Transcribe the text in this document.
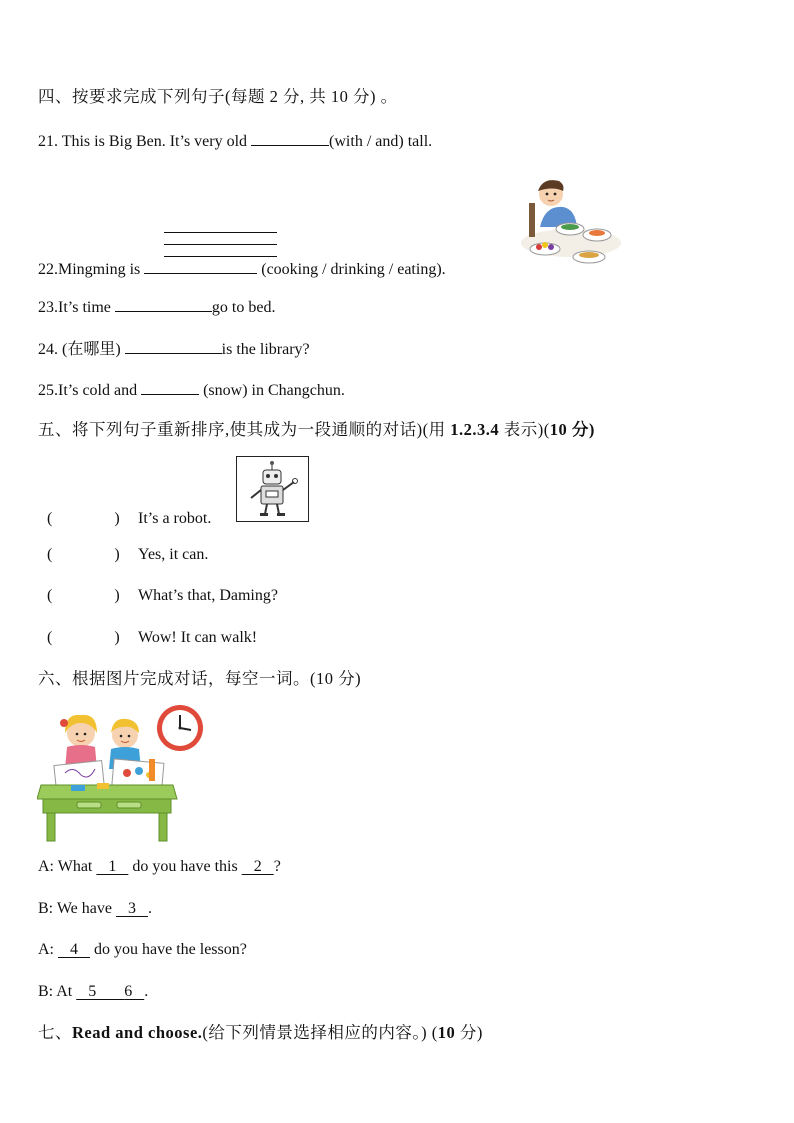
四、按要求完成下列句子(每题 2 分, 共 10 分) 。
21. This is Big Ben. It’s very old	(with / and) tall.
22.Mingming is	(cooking / drinking / eating).
23.It’s time	go to bed.
24. (在哪里)	is the library?
25.It’s cold and	(snow) in Changchun.
五、将下列句子重新排序,使其成为一段通顺的对话)(用 1.2.3.4 表示)(10 分)
(	) It’s a robot.
(	) Yes, it can.
(	) What’s that, Daming?
(	) Wow! It can walk!
六、根据图片完成对话，每空一词。(10 分)
A: What    1    do you have this    2   ?
B: We have    3   .
A:    4    do you have the lesson?
B: At    5       6   .
七、Read and choose.(给下列情景选择相应的内容。) (10 分)
